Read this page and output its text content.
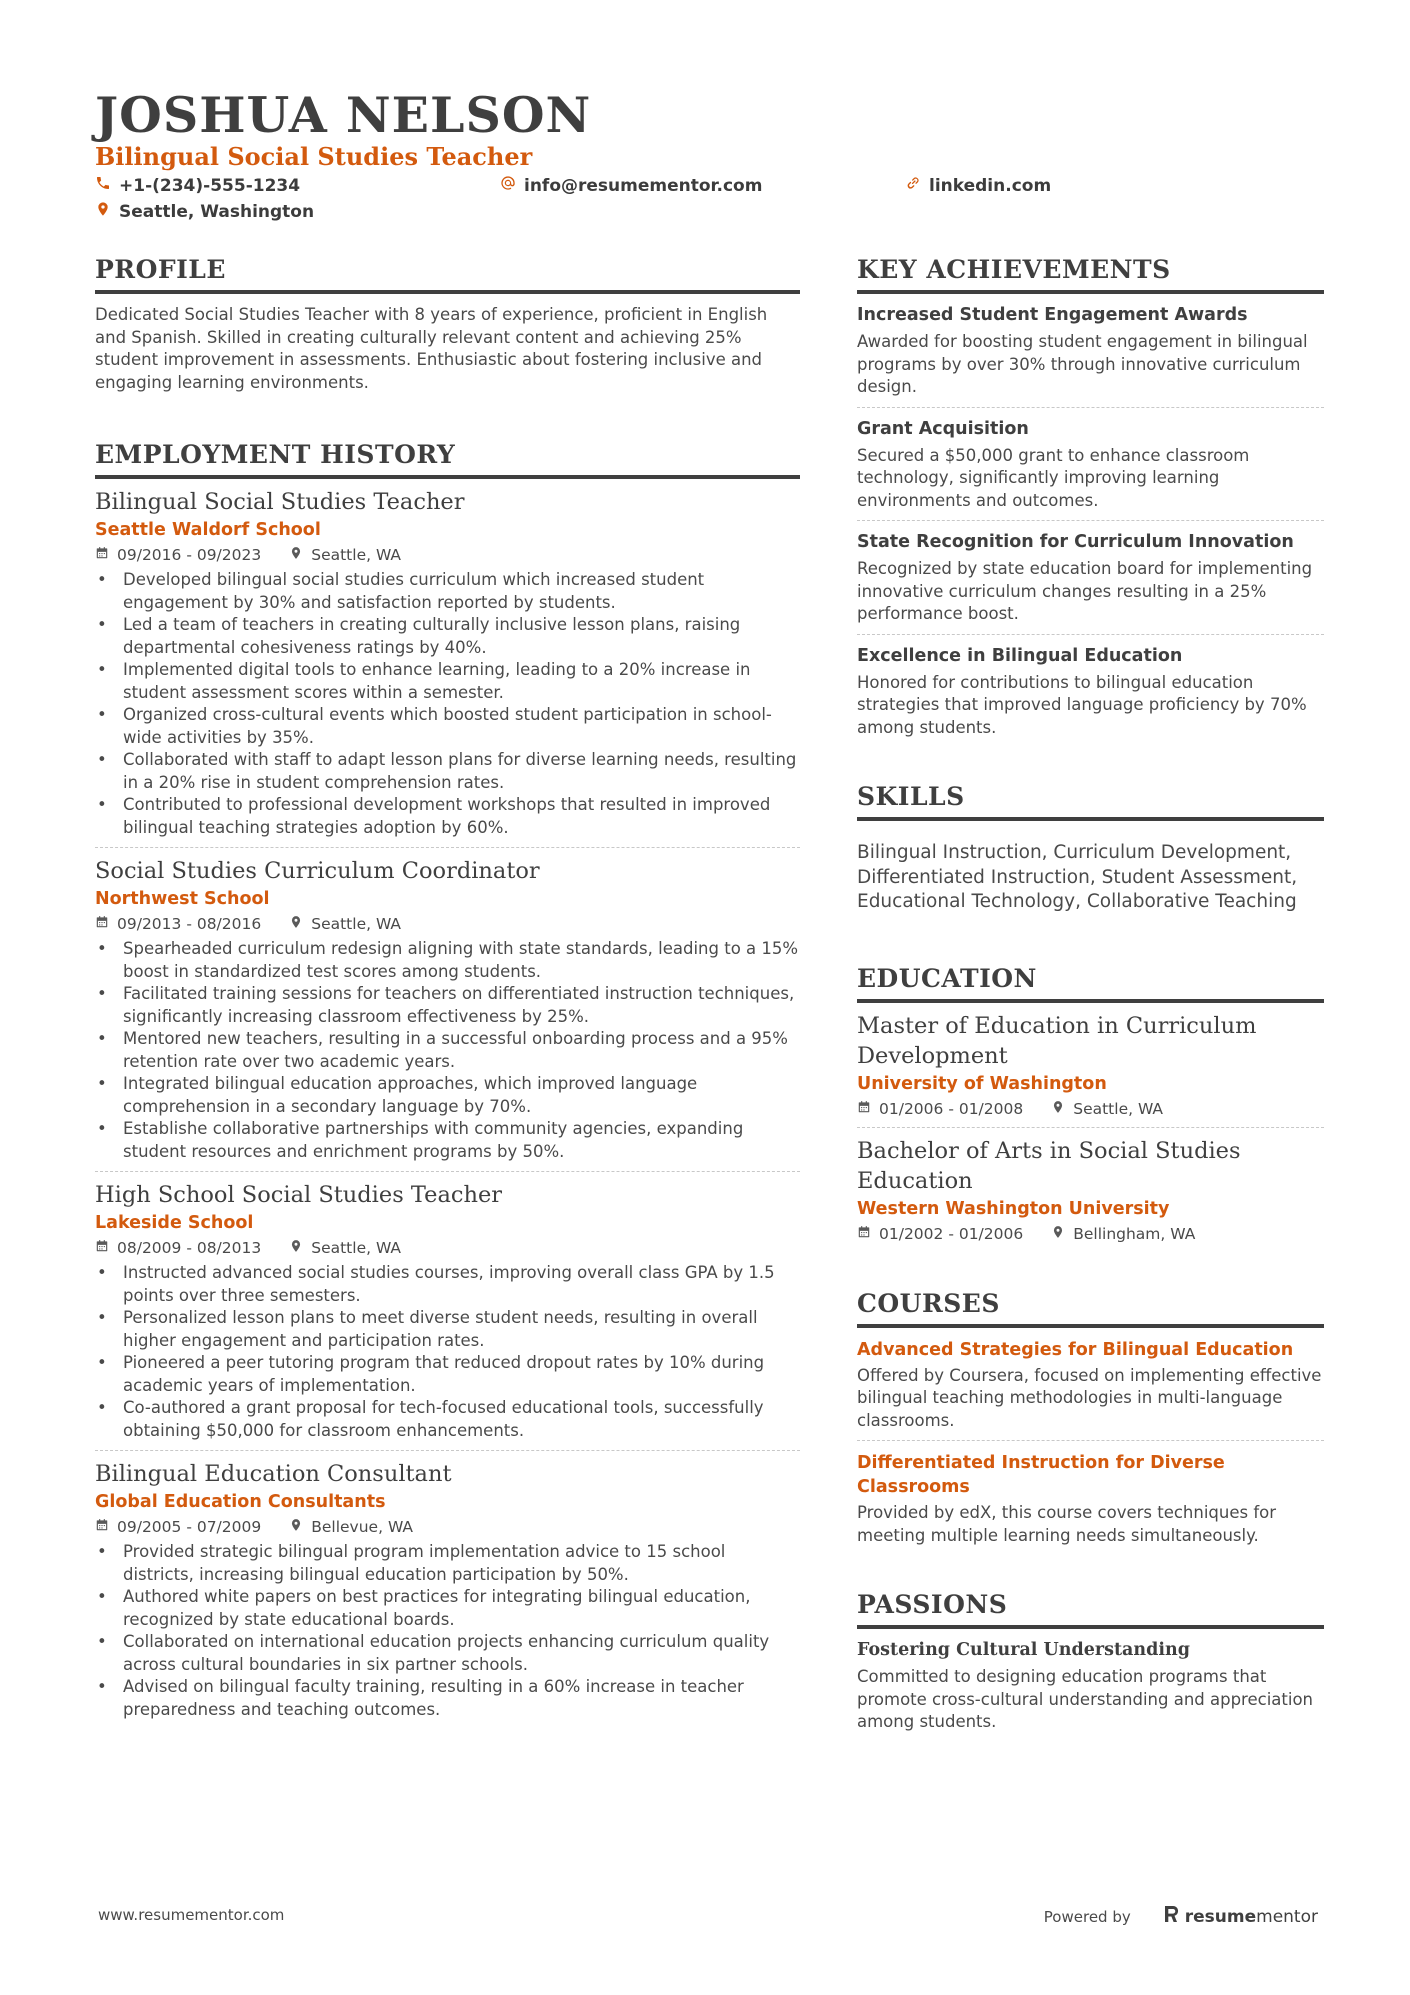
JOSHUA NELSON
Bilingual Social Studies Teacher
+1-(234)-555-1234	info@resumementor.com	linkedin.com
Seattle, Washington
PROFILE
Dedicated Social Studies Teacher with 8 years of experience, proficient in English and Spanish. Skilled in creating culturally relevant content and achieving 25% student improvement in assessments. Enthusiastic about fostering inclusive and engaging learning environments.
EMPLOYMENT HISTORY
Bilingual Social Studies Teacher
Seattle Waldorf School
09/2016 - 09/2023	Seattle, WA
• Developed bilingual social studies curriculum which increased student engagement by 30% and satisfaction reported by students.
• Led a team of teachers in creating culturally inclusive lesson plans, raising departmental cohesiveness ratings by 40%.
• Implemented digital tools to enhance learning, leading to a 20% increase in student assessment scores within a semester.
• Organized cross-cultural events which boosted student participation in school-wide activities by 35%.
• Collaborated with staff to adapt lesson plans for diverse learning needs, resulting in a 20% rise in student comprehension rates.
• Contributed to professional development workshops that resulted in improved bilingual teaching strategies adoption by 60%.
Social Studies Curriculum Coordinator
Northwest School
09/2013 - 08/2016	Seattle, WA
• Spearheaded curriculum redesign aligning with state standards, leading to a 15% boost in standardized test scores among students.
• Facilitated training sessions for teachers on differentiated instruction techniques, significantly increasing classroom effectiveness by 25%.
• Mentored new teachers, resulting in a successful onboarding process and a 95% retention rate over two academic years.
• Integrated bilingual education approaches, which improved language comprehension in a secondary language by 70%.
• Establishe collaborative partnerships with community agencies, expanding student resources and enrichment programs by 50%.
High School Social Studies Teacher
Lakeside School
08/2009 - 08/2013	Seattle, WA
• Instructed advanced social studies courses, improving overall class GPA by 1.5 points over three semesters.
• Personalized lesson plans to meet diverse student needs, resulting in overall higher engagement and participation rates.
• Pioneered a peer tutoring program that reduced dropout rates by 10% during academic years of implementation.
• Co-authored a grant proposal for tech-focused educational tools, successfully obtaining $50,000 for classroom enhancements.
Bilingual Education Consultant
Global Education Consultants
09/2005 - 07/2009	Bellevue, WA
• Provided strategic bilingual program implementation advice to 15 school districts, increasing bilingual education participation by 50%.
• Authored white papers on best practices for integrating bilingual education, recognized by state educational boards.
• Collaborated on international education projects enhancing curriculum quality across cultural boundaries in six partner schools.
• Advised on bilingual faculty training, resulting in a 60% increase in teacher preparedness and teaching outcomes.
KEY ACHIEVEMENTS
Increased Student Engagement Awards
Awarded for boosting student engagement in bilingual programs by over 30% through innovative curriculum design.
Grant Acquisition
Secured a $50,000 grant to enhance classroom technology, significantly improving learning environments and outcomes.
State Recognition for Curriculum Innovation
Recognized by state education board for implementing innovative curriculum changes resulting in a 25% performance boost.
Excellence in Bilingual Education
Honored for contributions to bilingual education strategies that improved language proficiency by 70% among students.
SKILLS
Bilingual Instruction, Curriculum Development, Differentiated Instruction, Student Assessment, Educational Technology, Collaborative Teaching
EDUCATION
Master of Education in Curriculum Development
University of Washington
01/2006 - 01/2008	Seattle, WA
Bachelor of Arts in Social Studies Education
Western Washington University
01/2002 - 01/2006	Bellingham, WA
COURSES
Advanced Strategies for Bilingual Education
Offered by Coursera, focused on implementing effective bilingual teaching methodologies in multi-language classrooms.
Differentiated Instruction for Diverse Classrooms
Provided by edX, this course covers techniques for meeting multiple learning needs simultaneously.
PASSIONS
Fostering Cultural Understanding
Committed to designing education programs that promote cross-cultural understanding and appreciation among students.
www.resumementor.com	Powered by	resume mentor
